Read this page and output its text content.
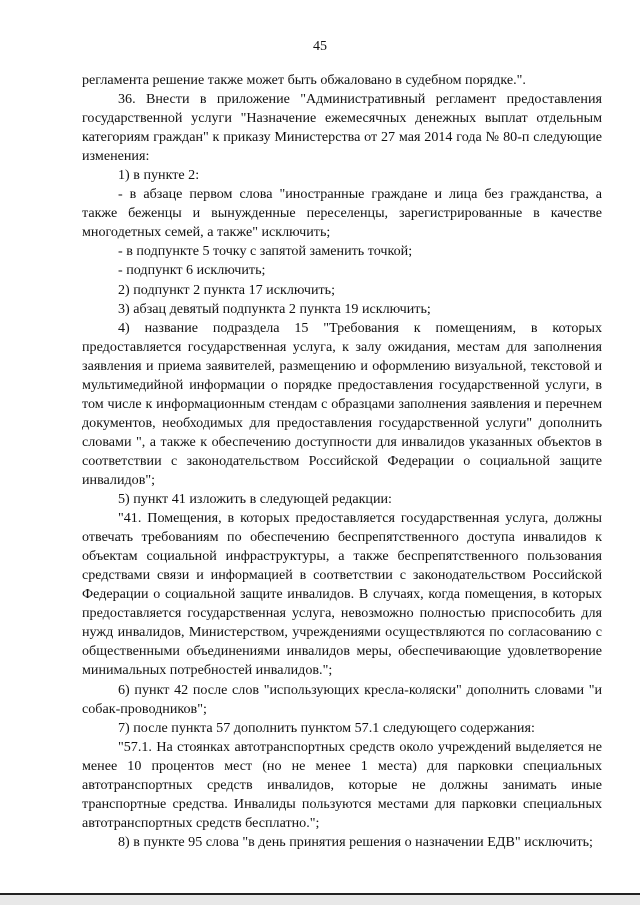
45

регламента решение также может быть обжаловано в судебном порядке.".

36. Внести в приложение "Административный регламент предоставления государственной услуги "Назначение ежемесячных денежных выплат отдельным категориям граждан" к приказу Министерства от 27 мая 2014 года № 80-п следующие изменения:

1) в пункте 2:

- в абзаце первом слова "иностранные граждане и лица без гражданства, а также беженцы и вынужденные переселенцы, зарегистрированные в качестве многодетных семей, а также" исключить;

- в подпункте 5 точку с запятой заменить точкой;

- подпункт 6 исключить;

2) подпункт 2 пункта 17 исключить;

3) абзац девятый подпункта 2 пункта 19 исключить;

4) название подраздела 15 "Требования к помещениям, в которых предоставляется государственная услуга, к залу ожидания, местам для заполнения заявления и приема заявителей, размещению и оформлению визуальной, текстовой и мультимедийной информации о порядке предоставления государственной услуги, в том числе к информационным стендам с образцами заполнения заявления и перечнем документов, необходимых для предоставления государственной услуги" дополнить словами ", а также к обеспечению доступности для инвалидов указанных объектов в соответствии с законодательством Российской Федерации о социальной защите инвалидов";

5) пункт 41 изложить в следующей редакции:

"41. Помещения, в которых предоставляется государственная услуга, должны отвечать требованиям по обеспечению беспрепятственного доступа инвалидов к объектам социальной инфраструктуры, а также беспрепятственного пользования средствами связи и информацией в соответствии с законодательством Российской Федерации о социальной защите инвалидов. В случаях, когда помещения, в которых предоставляется государственная услуга, невозможно полностью приспособить для нужд инвалидов, Министерством, учреждениями осуществляются по согласованию с общественными объединениями инвалидов меры, обеспечивающие удовлетворение минимальных потребностей инвалидов.";

6) пункт 42 после слов "использующих кресла-коляски" дополнить словами "и собак-проводников";

7) после пункта 57 дополнить пунктом 57.1 следующего содержания:

"57.1. На стоянках автотранспортных средств около учреждений выделяется не менее 10 процентов мест (но не менее 1 места) для парковки специальных автотранспортных средств инвалидов, которые не должны занимать иные транспортные средства. Инвалиды пользуются местами для парковки специальных автотранспортных средств бесплатно.";

8) в пункте 95 слова "в день принятия решения о назначении ЕДВ" исключить;
